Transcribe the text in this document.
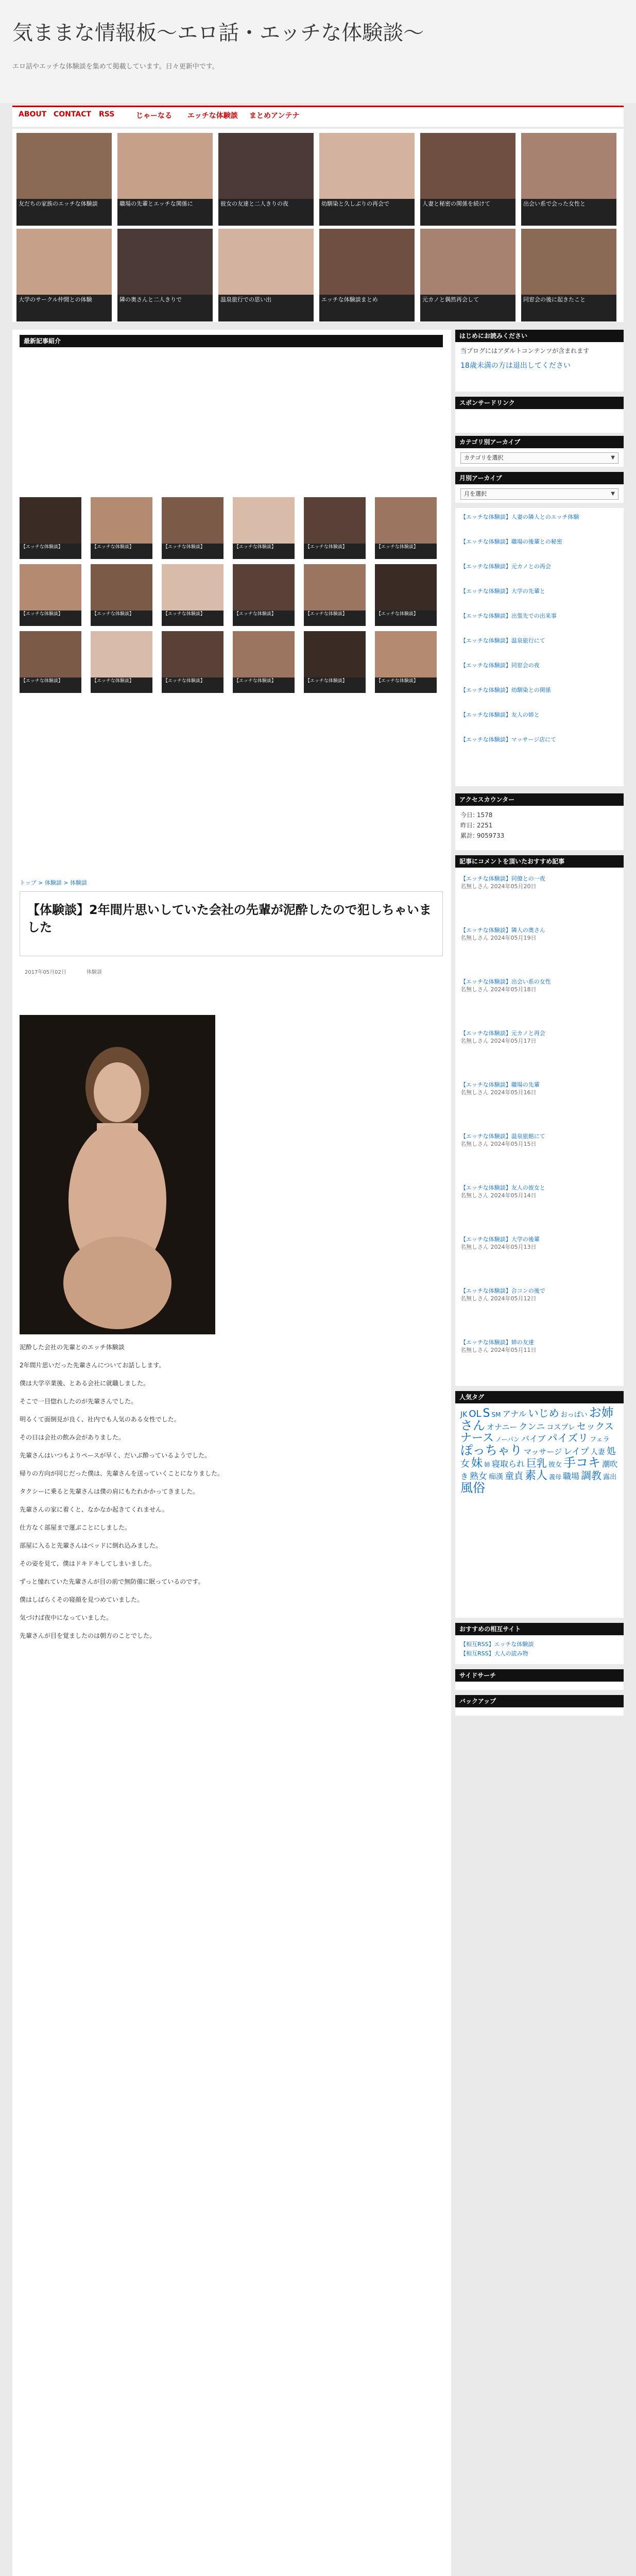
気ままな情報板～エロ話・エッチな体験談～
エロ話やエッチな体験談を集めて掲載しています。日々更新中です。
ABOUT CONTACT RSS	じゃーなる エッチな体験談 まとめアンテナ
友だちの家族のエッチな体験談	職場の先輩とエッチな関係に	彼女の友達と二人きりの夜	幼馴染と久しぶりの再会で	人妻と秘密の関係を続けて	出会い系で会った女性と
大学のサークル仲間との体験	隣の奥さんと二人きりで	温泉旅行での思い出	エッチな体験談まとめ	元カノと偶然再会して	同窓会の後に起きたこと
最新記事紹介
【エッチな体験談】	【エッチな体験談】	【エッチな体験談】	【エッチな体験談】	【エッチな体験談】	【エッチな体験談】
【エッチな体験談】	【エッチな体験談】	【エッチな体験談】	【エッチな体験談】	【エッチな体験談】	【エッチな体験談】
【エッチな体験談】	【エッチな体験談】	【エッチな体験談】	【エッチな体験談】	【エッチな体験談】	【エッチな体験談】
トップ > 体験談 > 体験談
【体験談】2年間片思いしていた会社の先輩が泥酔したので犯しちゃいました
2017年05月02日	体験談
泥酔した会社の先輩とのエッチ体験談

2年間片思いだった先輩さんについてお話しします。

僕は大学卒業後、とある会社に就職しました。

そこで一目惚れしたのが先輩さんでした。

明るくて面倒見が良く、社内でも人気のある女性でした。

その日は会社の飲み会がありました。

先輩さんはいつもよりペースが早く、だいぶ酔っているようでした。

帰りの方向が同じだった僕は、先輩さんを送っていくことになりました。

タクシーに乗ると先輩さんは僕の肩にもたれかかってきました。

先輩さんの家に着くと、なかなか起きてくれません。

仕方なく部屋まで運ぶことにしました。

部屋に入ると先輩さんはベッドに倒れ込みました。

その姿を見て、僕はドキドキしてしまいました。

ずっと憧れていた先輩さんが目の前で無防備に眠っているのです。

僕はしばらくその寝顔を見つめていました。

気づけば夜中になっていました。

先輩さんが目を覚ましたのは朝方のことでした。

はじめにお読みください
当ブログにはアダルトコンテンツが含まれます
18歳未満の方は退出してください
スポンサードリンク
カテゴリ別アーカイブ
カテゴリを選択	▼
月別アーカイブ
月を選択	▼
【エッチな体験談】人妻の隣人とのエッチ体験
【エッチな体験談】職場の後輩との秘密
【エッチな体験談】元カノとの再会
【エッチな体験談】大学の先輩と
【エッチな体験談】出張先での出来事
【エッチな体験談】温泉旅行にて
【エッチな体験談】同窓会の夜
【エッチな体験談】幼馴染との関係
【エッチな体験談】友人の姉と
【エッチな体験談】マッサージ店にて
アクセスカウンター
今日: 1578
昨日: 2251
累計: 9059733
記事にコメントを頂いたおすすめ記事
【エッチな体験談】同僚との一夜
名無しさん 2024年05月20日
【エッチな体験談】隣人の奥さん
名無しさん 2024年05月19日
【エッチな体験談】出会い系の女性
名無しさん 2024年05月18日
【エッチな体験談】元カノと再会
名無しさん 2024年05月17日
【エッチな体験談】職場の先輩
名無しさん 2024年05月16日
【エッチな体験談】温泉旅館にて
名無しさん 2024年05月15日
【エッチな体験談】友人の彼女と
名無しさん 2024年05月14日
【エッチな体験談】大学の後輩
名無しさん 2024年05月13日
【エッチな体験談】合コンの後で
名無しさん 2024年05月12日
【エッチな体験談】姉の友達
名無しさん 2024年05月11日
人気タグ
JK OL S SM アナル いじめ おっぱい お姉さん オナニー クンニ コスプレ セックスナース ノーパン バイブ パイズリ フェラぽっちゃり マッサージ レイプ 人妻 処女 妹 姉 寝取られ 巨乳 彼女 手コキ 潮吹き 熟女 痴漢 童貞 素人 義母 職場 調教 露出風俗
おすすめの相互サイト
【相互RSS】エッチな体験談
【相互RSS】大人の読み物
サイドサーチ
バックアップ
